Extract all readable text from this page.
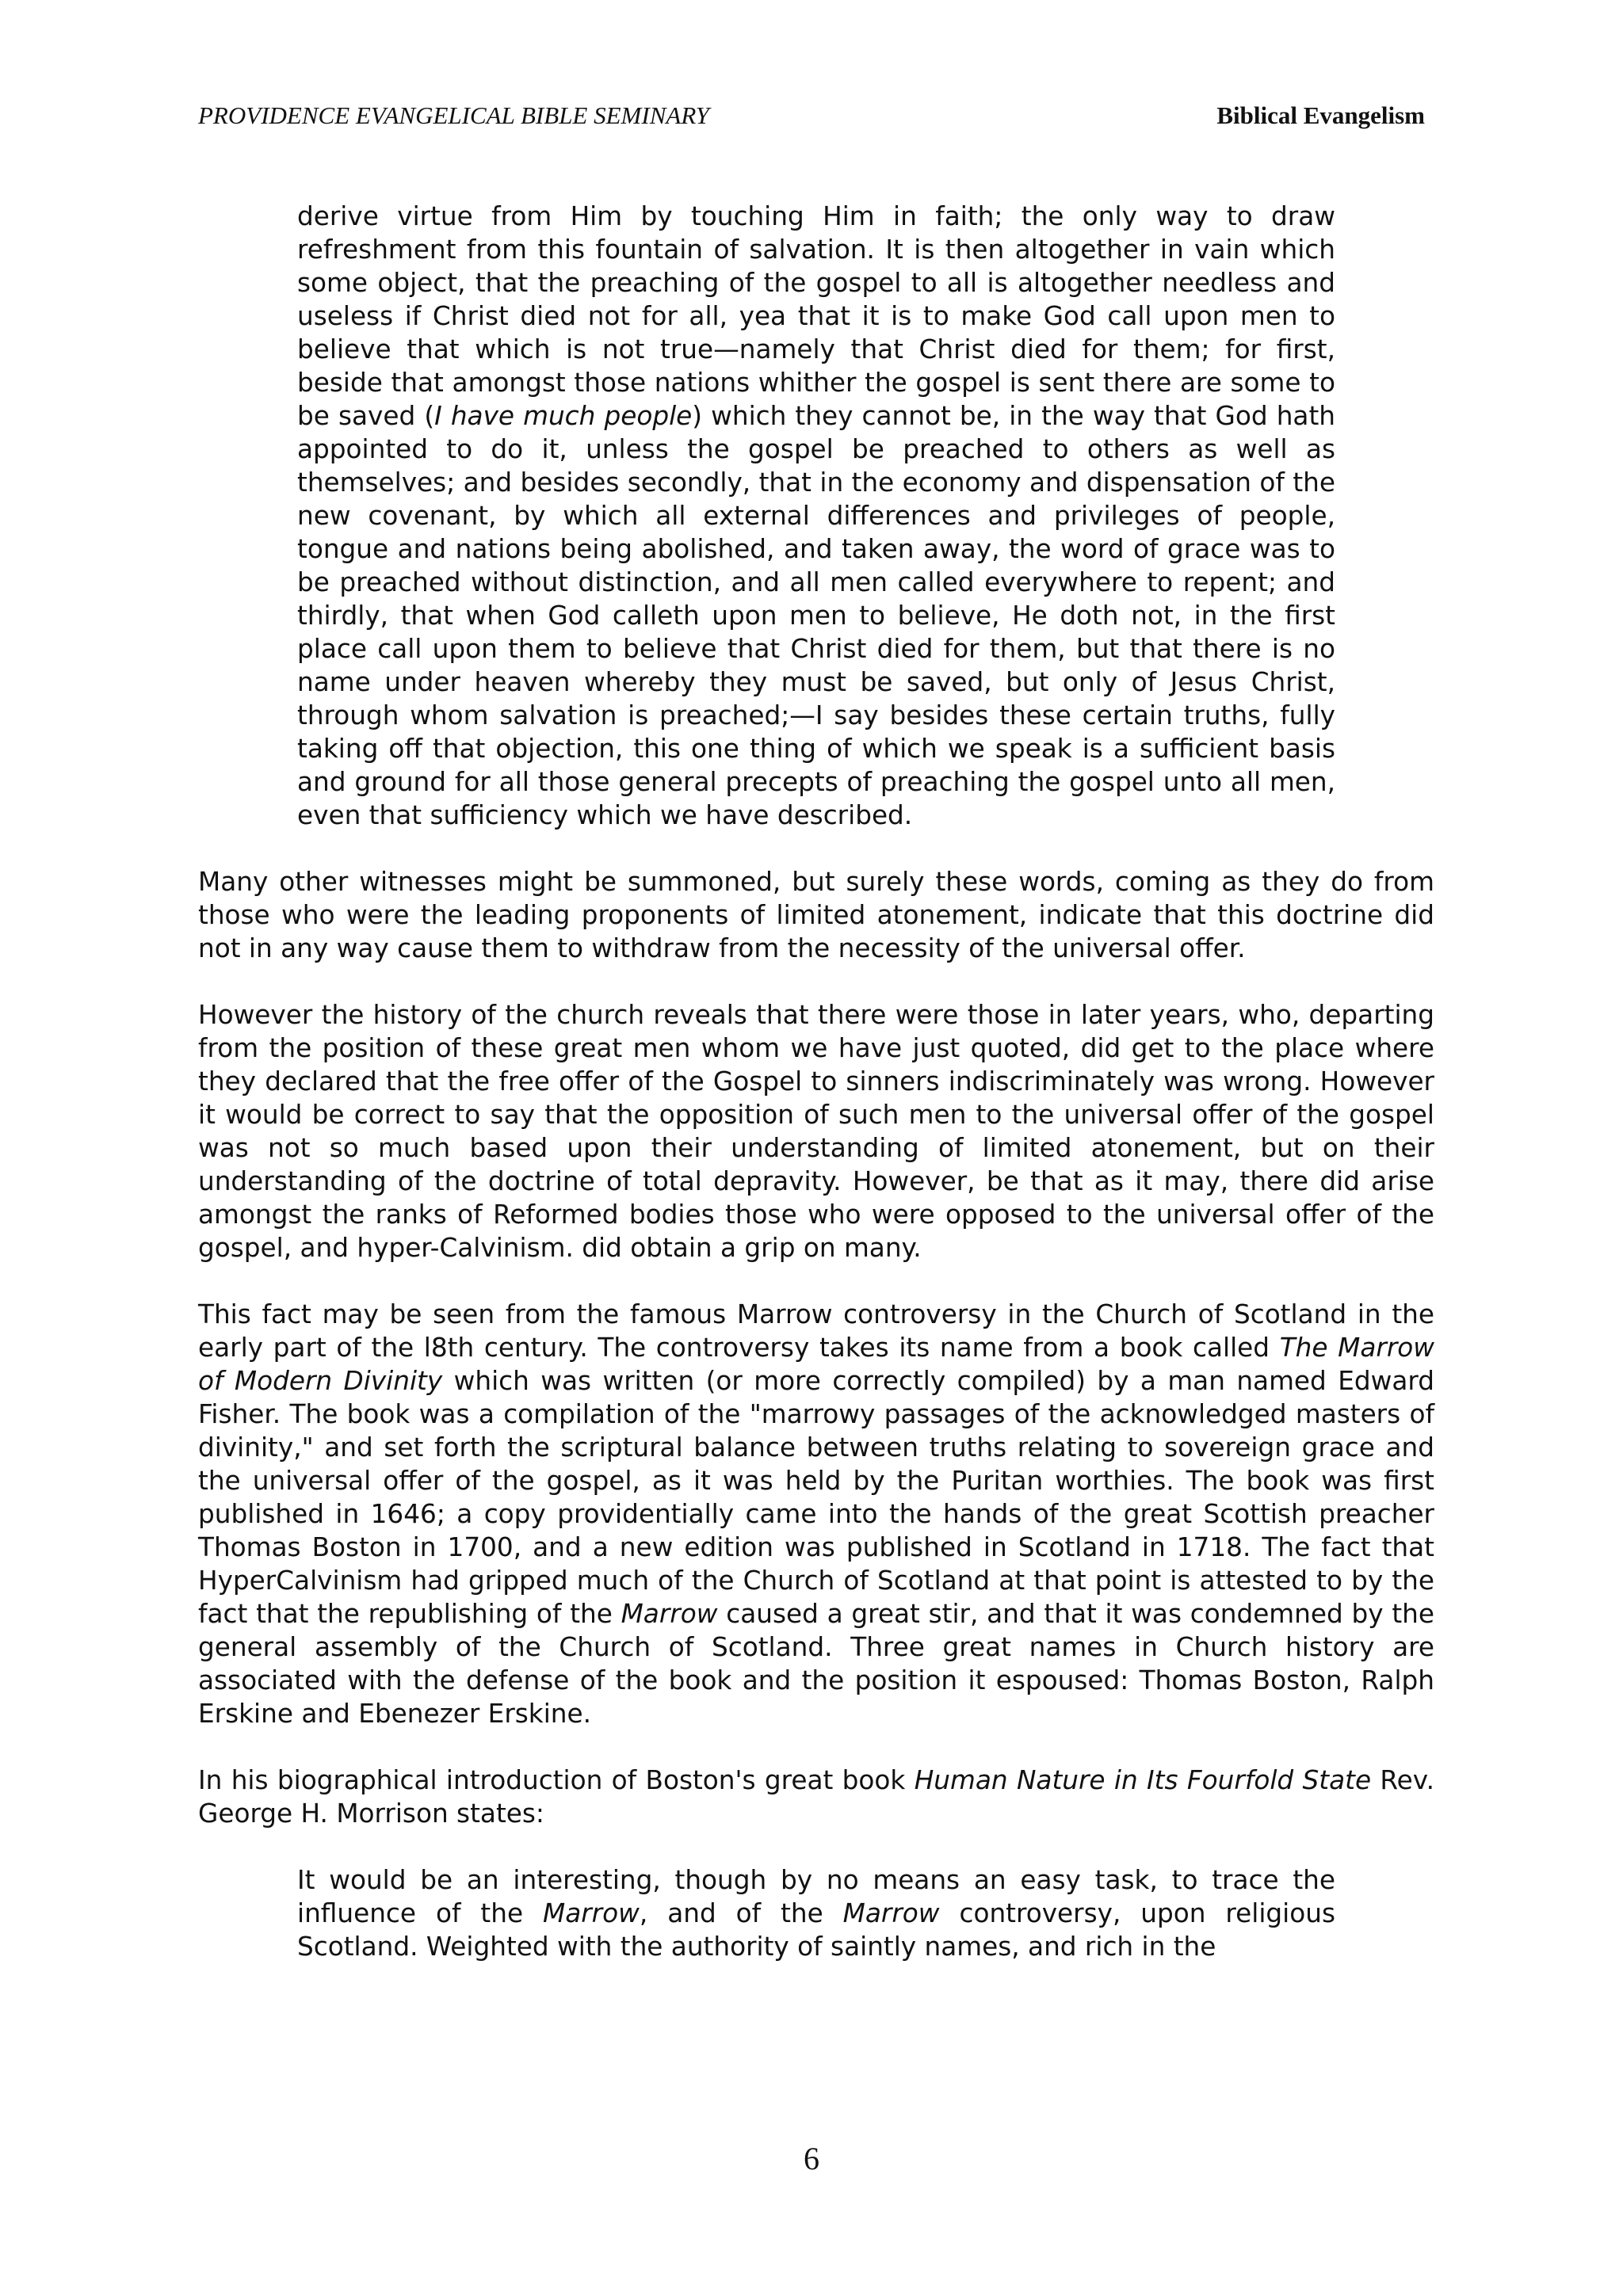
PROVIDENCE EVANGELICAL BIBLE SEMINARY	Biblical Evangelism
derive virtue from Him by touching Him in faith; the only way to draw refreshment from this fountain of salvation. It is then altogether in vain which some object, that the preaching of the gospel to all is altogether needless and useless if Christ died not for all, yea that it is to make God call upon men to believe that which is not true—namely that Christ died for them; for first, beside that amongst those nations whither the gospel is sent there are some to be saved (I have much people) which they cannot be, in the way that God hath appointed to do it, unless the gospel be preached to others as well as themselves; and besides secondly, that in the economy and dispensation of the new covenant, by which all external differences and privileges of people, tongue and nations being abolished, and taken away, the word of grace was to be preached without distinction, and all men called everywhere to repent; and thirdly, that when God calleth upon men to believe, He doth not, in the first place call upon them to believe that Christ died for them, but that there is no name under heaven whereby they must be saved, but only of Jesus Christ, through whom salvation is preached;—I say besides these certain truths, fully taking off that objection, this one thing of which we speak is a sufficient basis and ground for all those general precepts of preaching the gospel unto all men, even that sufficiency which we have described.
Many other witnesses might be summoned, but surely these words, coming as they do from those who were the leading proponents of limited atonement, indicate that this doctrine did not in any way cause them to withdraw from the necessity of the universal offer.
However the history of the church reveals that there were those in later years, who, departing from the position of these great men whom we have just quoted, did get to the place where they declared that the free offer of the Gospel to sinners indiscriminately was wrong. However it would be correct to say that the opposition of such men to the universal offer of the gospel was not so much based upon their understanding of limited atonement, but on their understanding of the doctrine of total depravity. However, be that as it may, there did arise amongst the ranks of Reformed bodies those who were opposed to the universal offer of the gospel, and hyper-Calvinism. did obtain a grip on many.
This fact may be seen from the famous Marrow controversy in the Church of Scotland in the early part of the l8th century. The controversy takes its name from a book called The Marrow of Modern Divinity which was written (or more correctly compiled) by a man named Edward Fisher. The book was a compilation of the "marrowy passages of the acknowledged masters of divinity," and set forth the scriptural balance between truths relating to sovereign grace and the universal offer of the gospel, as it was held by the Puritan worthies. The book was first published in 1646; a copy providentially came into the hands of the great Scottish preacher Thomas Boston in 1700, and a new edition was published in Scotland in 1718. The fact that HyperCalvinism had gripped much of the Church of Scotland at that point is attested to by the fact that the republishing of the Marrow caused a great stir, and that it was condemned by the general assembly of the Church of Scotland. Three great names in Church history are associated with the defense of the book and the position it espoused: Thomas Boston, Ralph Erskine and Ebenezer Erskine.
In his biographical introduction of Boston's great book Human Nature in Its Fourfold State Rev. George H. Morrison states:
It would be an interesting, though by no means an easy task, to trace the influence of the Marrow, and of the Marrow controversy, upon religious Scotland. Weighted with the authority of saintly names, and rich in the
6
